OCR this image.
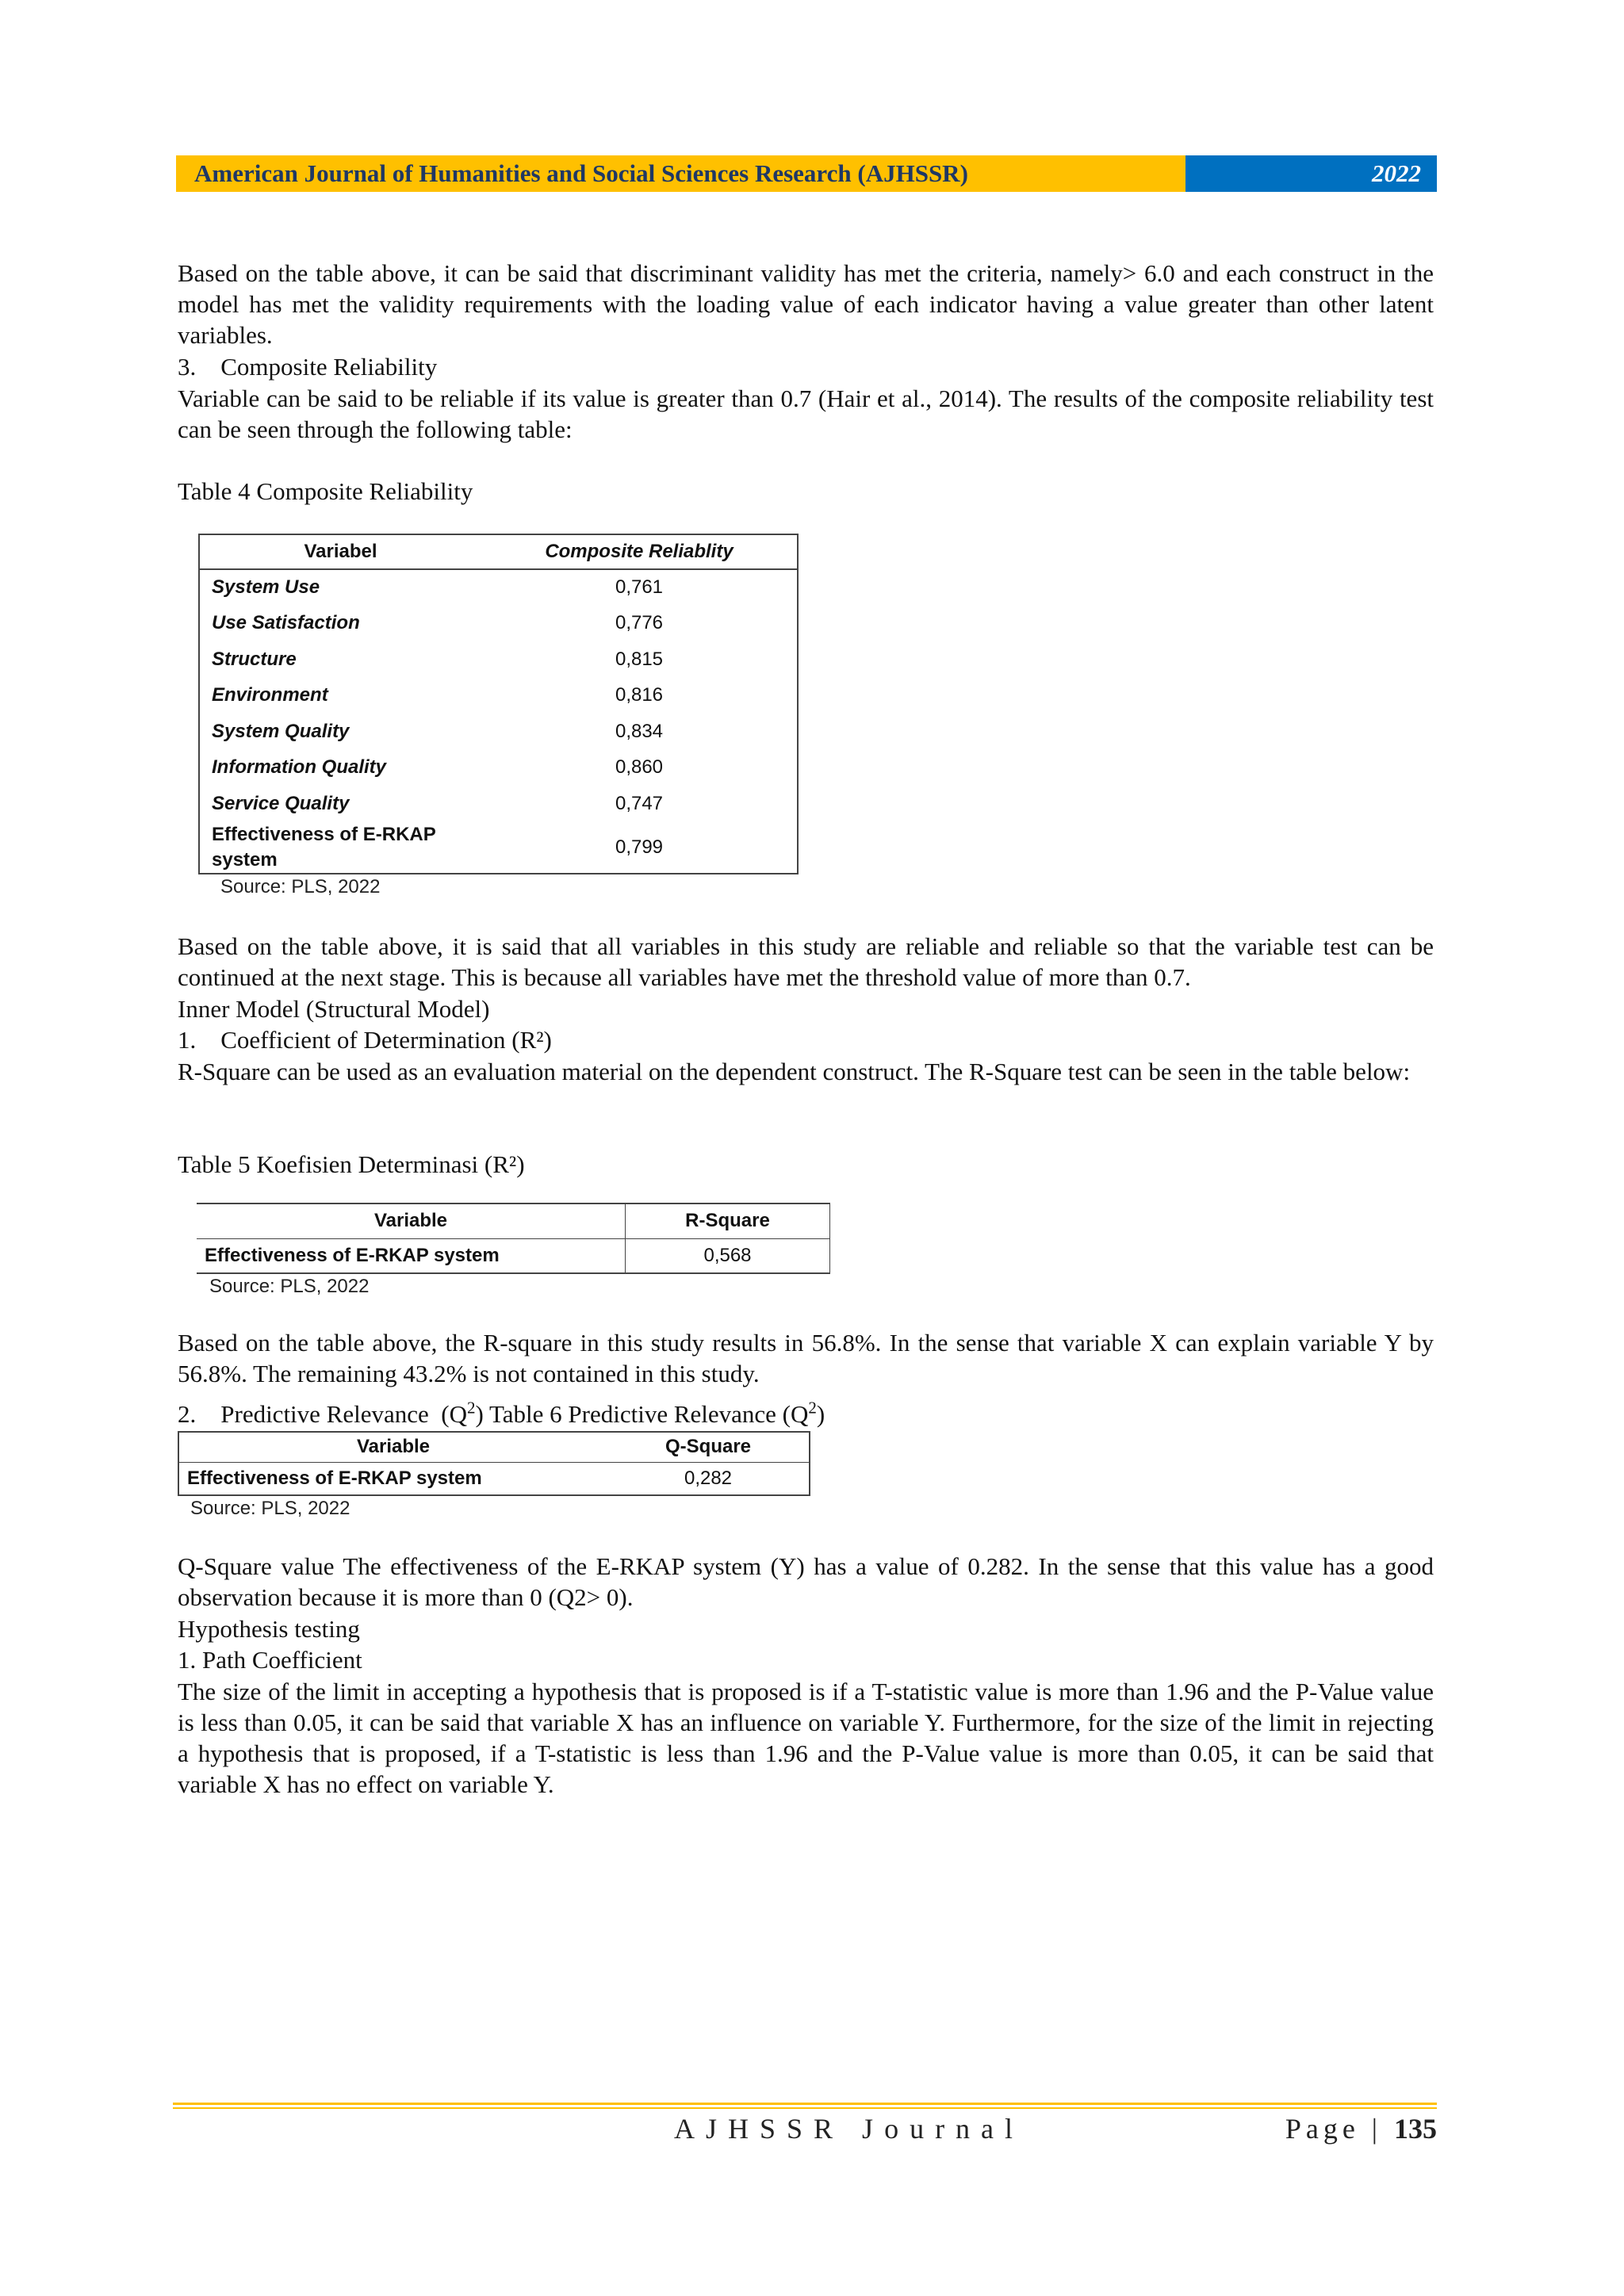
American Journal of Humanities and Social Sciences Research (AJHSSR)	2022
Based on the table above, it can be said that discriminant validity has met the criteria, namely> 6.0 and each construct in the model has met the validity requirements with the loading value of each indicator having a value greater than other latent variables.
3. Composite Reliability
Variable can be said to be reliable if its value is greater than 0.7 (Hair et al., 2014). The results of the composite reliability test can be seen through the following table:
Table 4 Composite Reliability
Variabel	Composite Reliablity
System Use	0,761
Use Satisfaction	0,776
Structure	0,815
Environment	0,816
System Quality	0,834
Information Quality	0,860
Service Quality	0,747
Effectiveness of E-RKAP
system	0,799
Source: PLS, 2022
Based on the table above, it is said that all variables in this study are reliable and reliable so that the variable test can be continued at the next stage. This is because all variables have met the threshold value of more than 0.7.
Inner Model (Structural Model)
1. Coefficient of Determination (R²)
R-Square can be used as an evaluation material on the dependent construct. The R-Square test can be seen in the table below:
Table 5 Koefisien Determinasi (R²)
Variable	R-Square
Effectiveness of E-RKAP system	0,568
Source: PLS, 2022
Based on the table above, the R-square in this study results in 56.8%. In the sense that variable X can explain variable Y by 56.8%. The remaining 43.2% is not contained in this study.
2. Predictive Relevance  $(Q^2)$ Table 6 Predictive Relevance $(Q^2)$
Variable	Q-Square
Effectiveness of E-RKAP system	0,282
Source: PLS, 2022
Q-Square value The effectiveness of the E-RKAP system (Y) has a value of 0.282. In the sense that this value has a good observation because it is more than 0 (Q2> 0).
Hypothesis testing
1. Path Coefficient
The size of the limit in accepting a hypothesis that is proposed is if a T-statistic value is more than 1.96 and the P-Value value is less than 0.05, it can be said that variable X has an influence on variable Y. Furthermore, for the size of the limit in rejecting a hypothesis that is proposed, if a T-statistic is less than 1.96 and the P-Value value is more than 0.05, it can be said that variable X has no effect on variable Y.
AJHSSR Journal	Page | 135
